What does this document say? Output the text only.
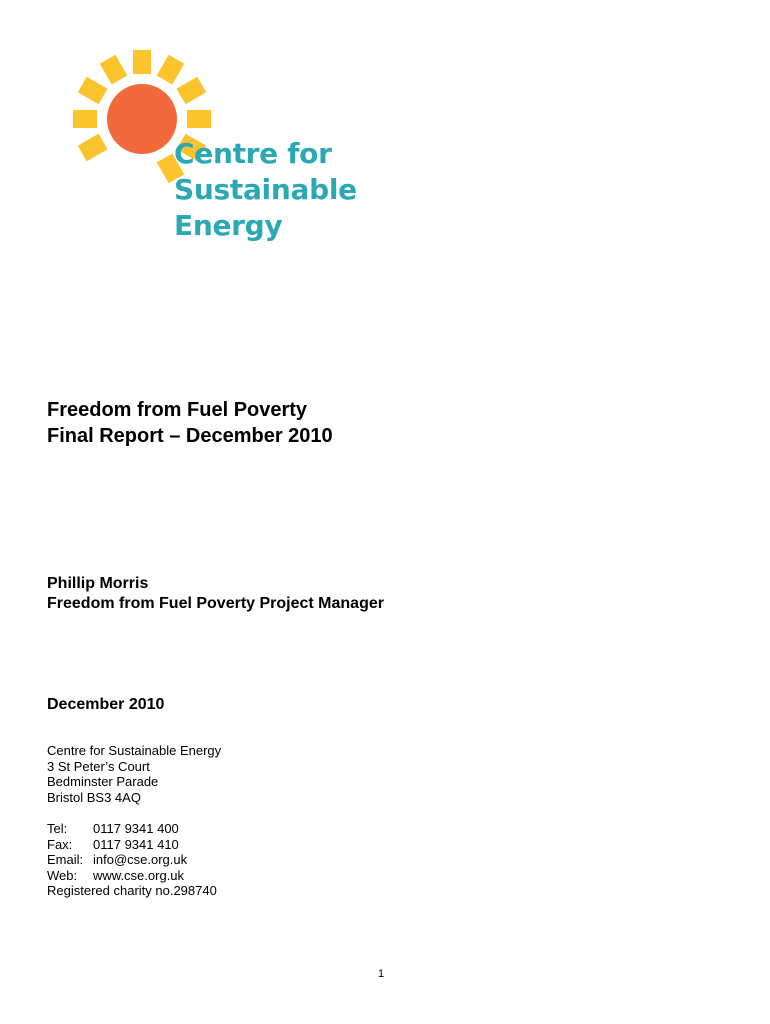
Centre for
Sustainable
Energy
Freedom from Fuel Poverty
Final Report – December 2010
Phillip Morris
Freedom from Fuel Poverty Project Manager
December 2010
Centre for Sustainable Energy
3 St Peter’s Court
Bedminster Parade
Bristol BS3 4AQ
Tel: 0117 9341 400
Fax: 0117 9341 410
Email: info@cse.org.uk
Web: www.cse.org.uk
Registered charity no.298740
1
